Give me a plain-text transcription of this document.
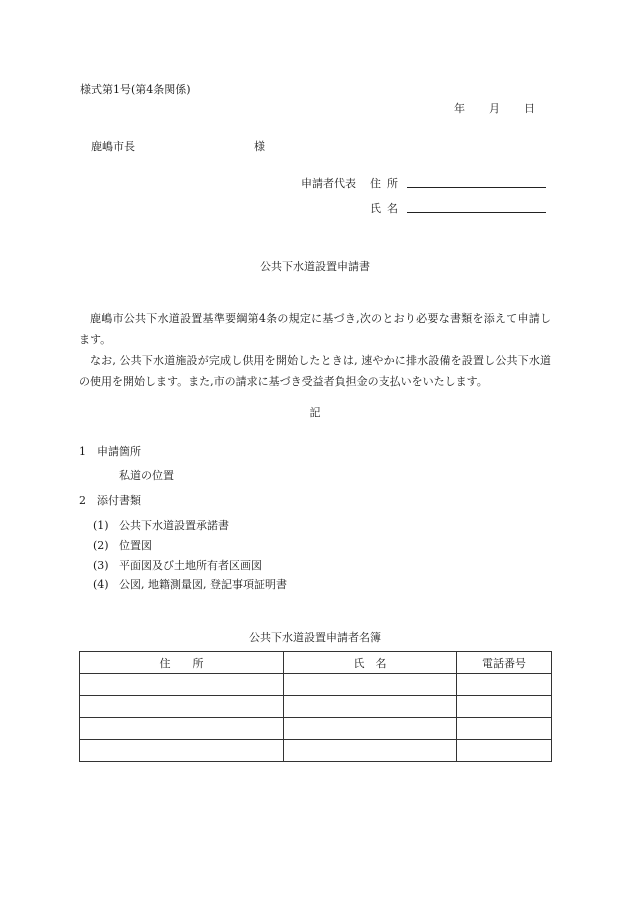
様式第1号(第4条関係)
年 月 日
鹿嶋市長	様
申請者代表 住所
氏名
公共下水道設置申請書

鹿嶋市公共下水道設置基準要綱第4条の規定に基づき,次のとおり必要な書類を添えて申請します。

なお, 公共下水道施設が完成し供用を開始したときは, 速やかに排水設備を設置し公共下水道の使用を開始します。また,市の請求に基づき受益者負担金の支払いをいたします。

記
1　申請箇所
私道の位置
2　添付書類
(1) 公共下水道設置承諾書
(2) 位置図
(3) 平面図及び土地所有者区画図
(4) 公図, 地籍測量図, 登記事項証明書
公共下水道設置申請者名簿
住　　所	氏　名	電話番号
